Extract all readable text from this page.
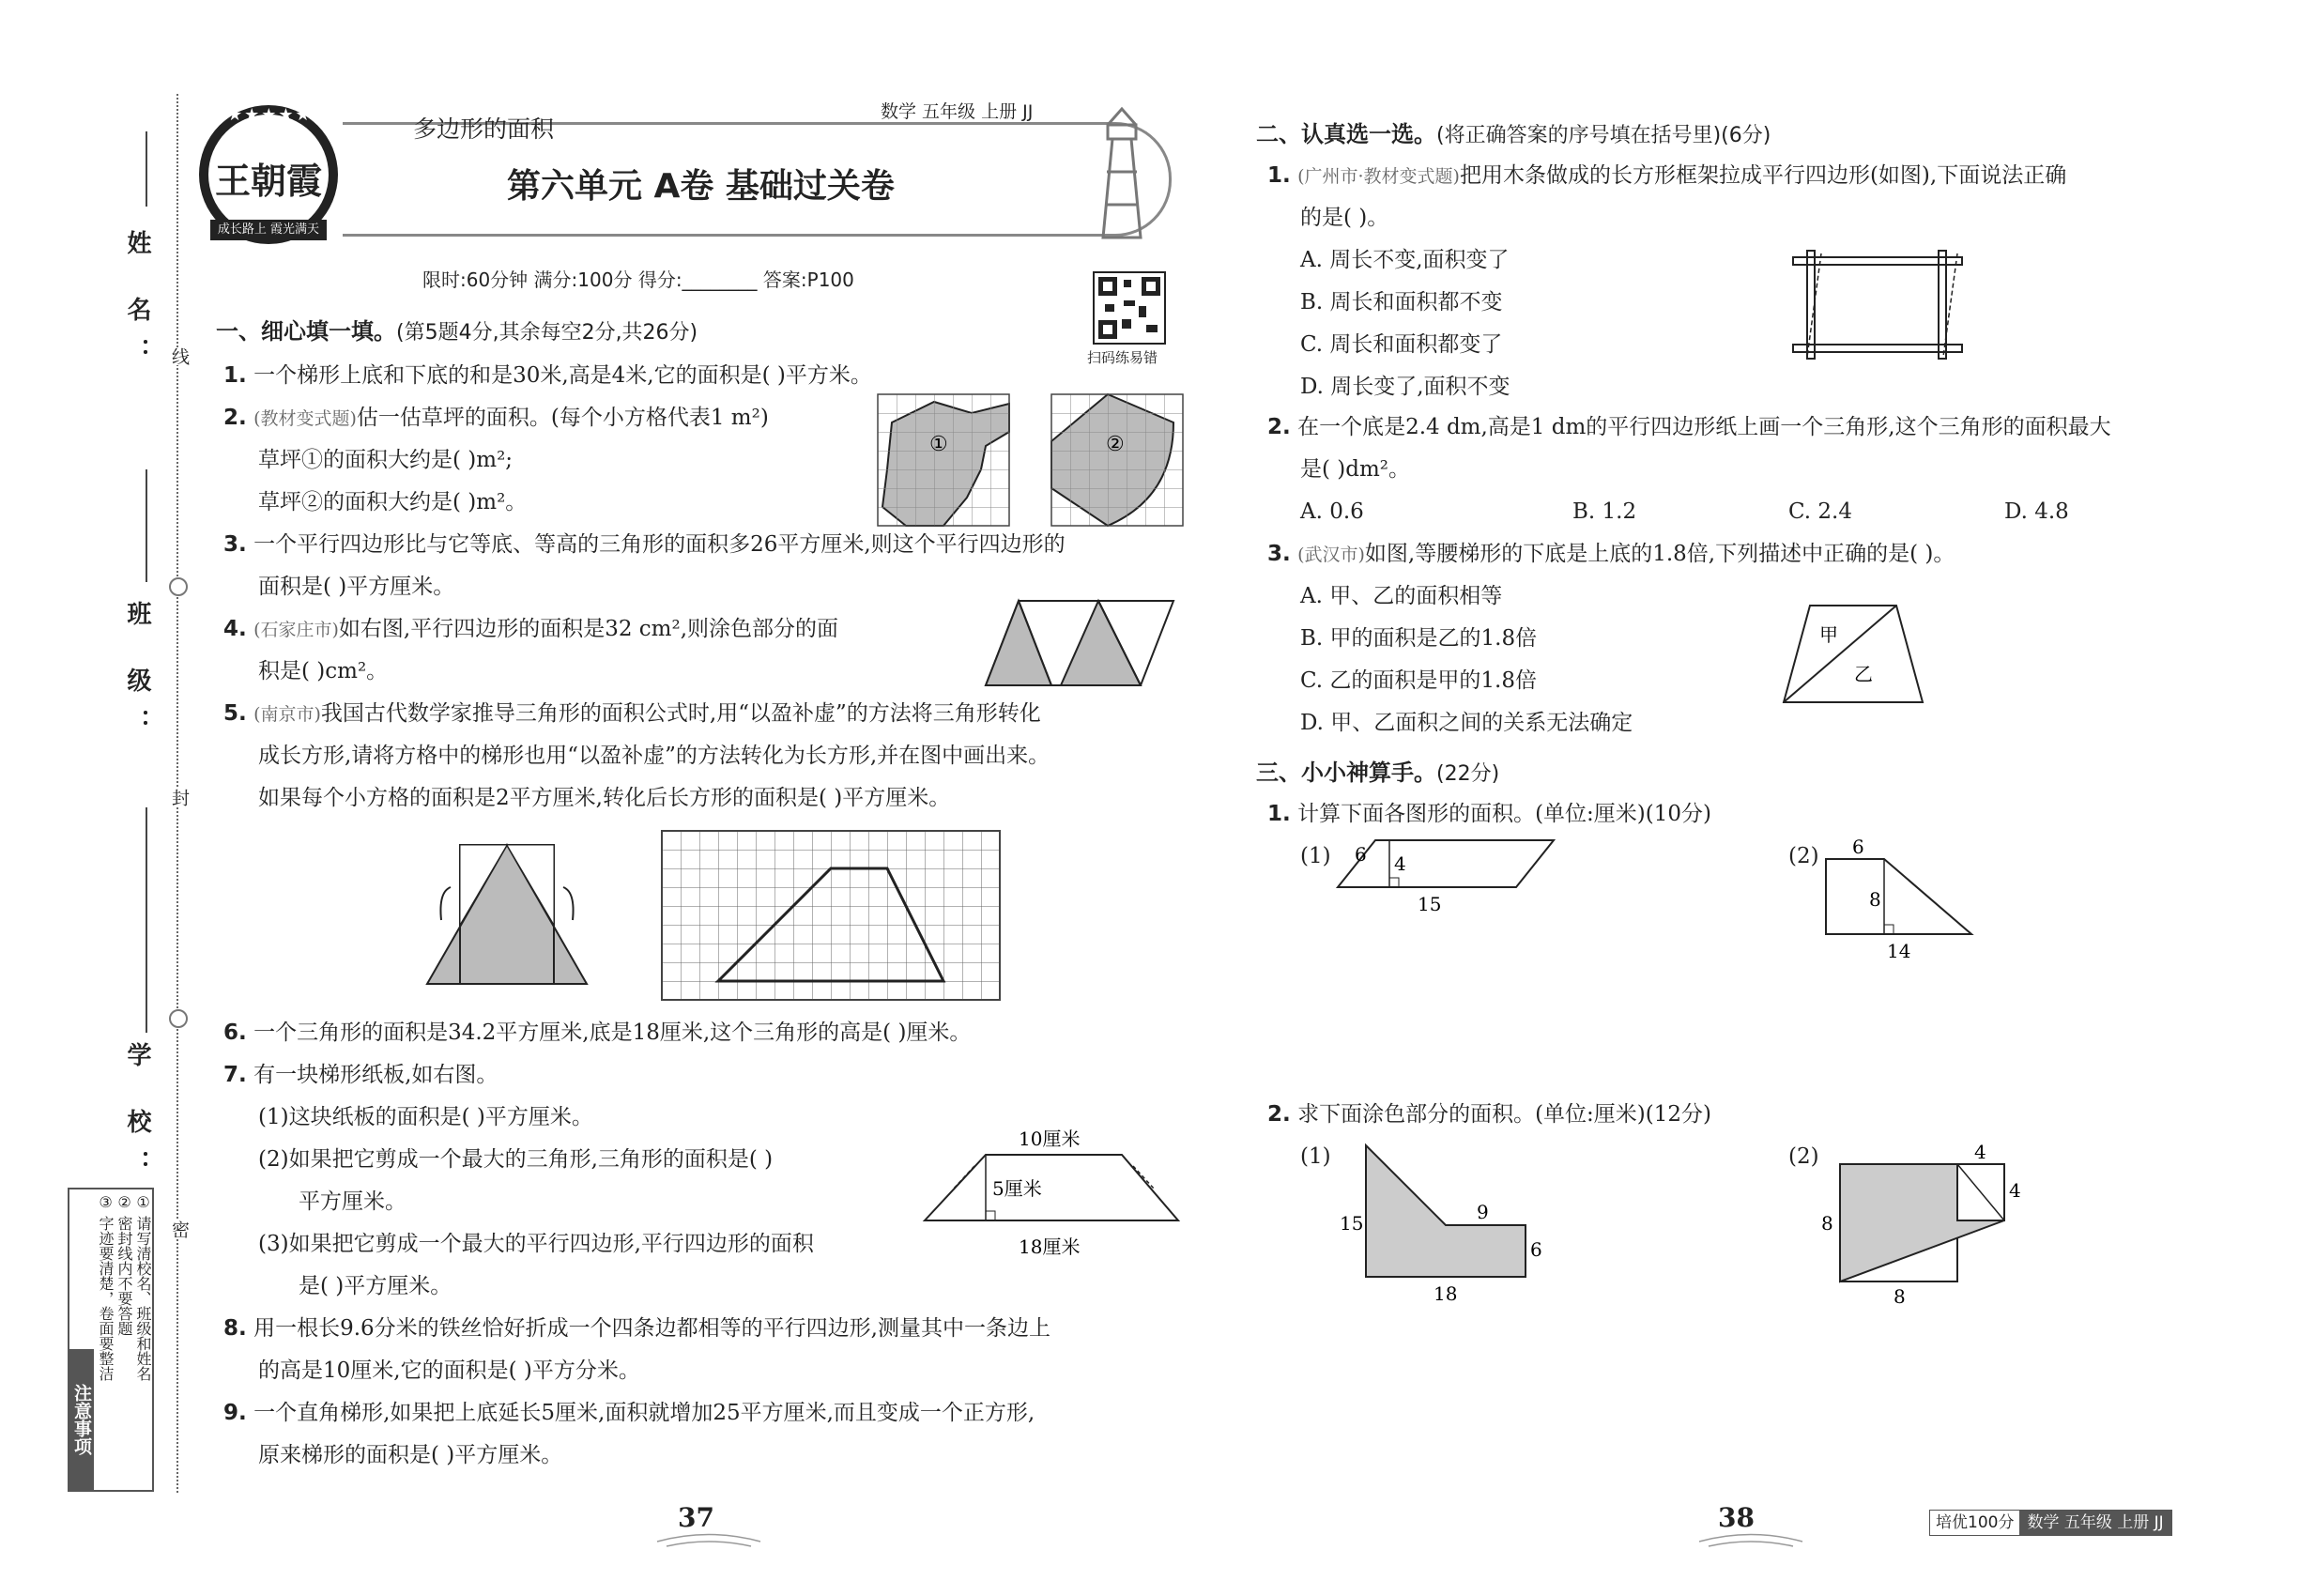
姓 名：
班 级：
学 校：
线
封
密
注意事项
① 请写清校名、班级和姓名
② 密封线内不要答题
③ 字迹要清楚，卷面要整洁
★★★★★
王朝霞
成长路上 霞光满天
多边形的面积
数学 五年级 上册 JJ
第六单元 A卷 基础过关卷
限时:60分钟 满分:100分 得分:________ 答案:P100
扫码练易错
一、细心填一填。(第5题4分,其余每空2分,共26分)
1. 一个梯形上底和下底的和是30米,高是4米,它的面积是( )平方米。
2. (教材变式题)估一估草坪的面积。(每个小方格代表1 m²)
草坪①的面积大约是( )m²;
草坪②的面积大约是( )m²。
①	②
3. 一个平行四边形比与它等底、等高的三角形的面积多26平方厘米,则这个平行四边形的
面积是( )平方厘米。
4. (石家庄市)如右图,平行四边形的面积是32 cm²,则涂色部分的面
积是( )cm²。
5. (南京市)我国古代数学家推导三角形的面积公式时,用“以盈补虚”的方法将三角形转化
成长方形,请将方格中的梯形也用“以盈补虚”的方法转化为长方形,并在图中画出来。
如果每个小方格的面积是2平方厘米,转化后长方形的面积是( )平方厘米。
6. 一个三角形的面积是34.2平方厘米,底是18厘米,这个三角形的高是( )厘米。
7. 有一块梯形纸板,如右图。
(1)这块纸板的面积是( )平方厘米。
(2)如果把它剪成一个最大的三角形,三角形的面积是( )
平方厘米。
(3)如果把它剪成一个最大的平行四边形,平行四边形的面积
是( )平方厘米。
10厘米
5厘米
18厘米
8. 用一根长9.6分米的铁丝恰好折成一个四条边都相等的平行四边形,测量其中一条边上
的高是10厘米,它的面积是( )平方分米。
9. 一个直角梯形,如果把上底延长5厘米,面积就增加25平方厘米,而且变成一个正方形,
原来梯形的面积是( )平方厘米。
37
二、认真选一选。(将正确答案的序号填在括号里)(6分)
1. (广州市·教材变式题)把用木条做成的长方形框架拉成平行四边形(如图),下面说法正确
的是( )。
A. 周长不变,面积变了
B. 周长和面积都不变
C. 周长和面积都变了
D. 周长变了,面积不变
2. 在一个底是2.4 dm,高是1 dm的平行四边形纸上画一个三角形,这个三角形的面积最大
是( )dm²。
A. 0.6	B. 1.2	C. 2.4	D. 4.8
3. (武汉市)如图,等腰梯形的下底是上底的1.8倍,下列描述中正确的是( )。
A. 甲、乙的面积相等
B. 甲的面积是乙的1.8倍
C. 乙的面积是甲的1.8倍
D. 甲、乙面积之间的关系无法确定
甲
乙
三、小小神算手。(22分)
1. 计算下面各图形的面积。(单位:厘米)(10分)
(1) 6 4
15
(2) 6
8
14
2. 求下面涂色部分的面积。(单位:厘米)(12分)
(1)
15	9
6
18
(2)	4
4
8
8
38	培优100分 数学 五年级 上册 JJ
